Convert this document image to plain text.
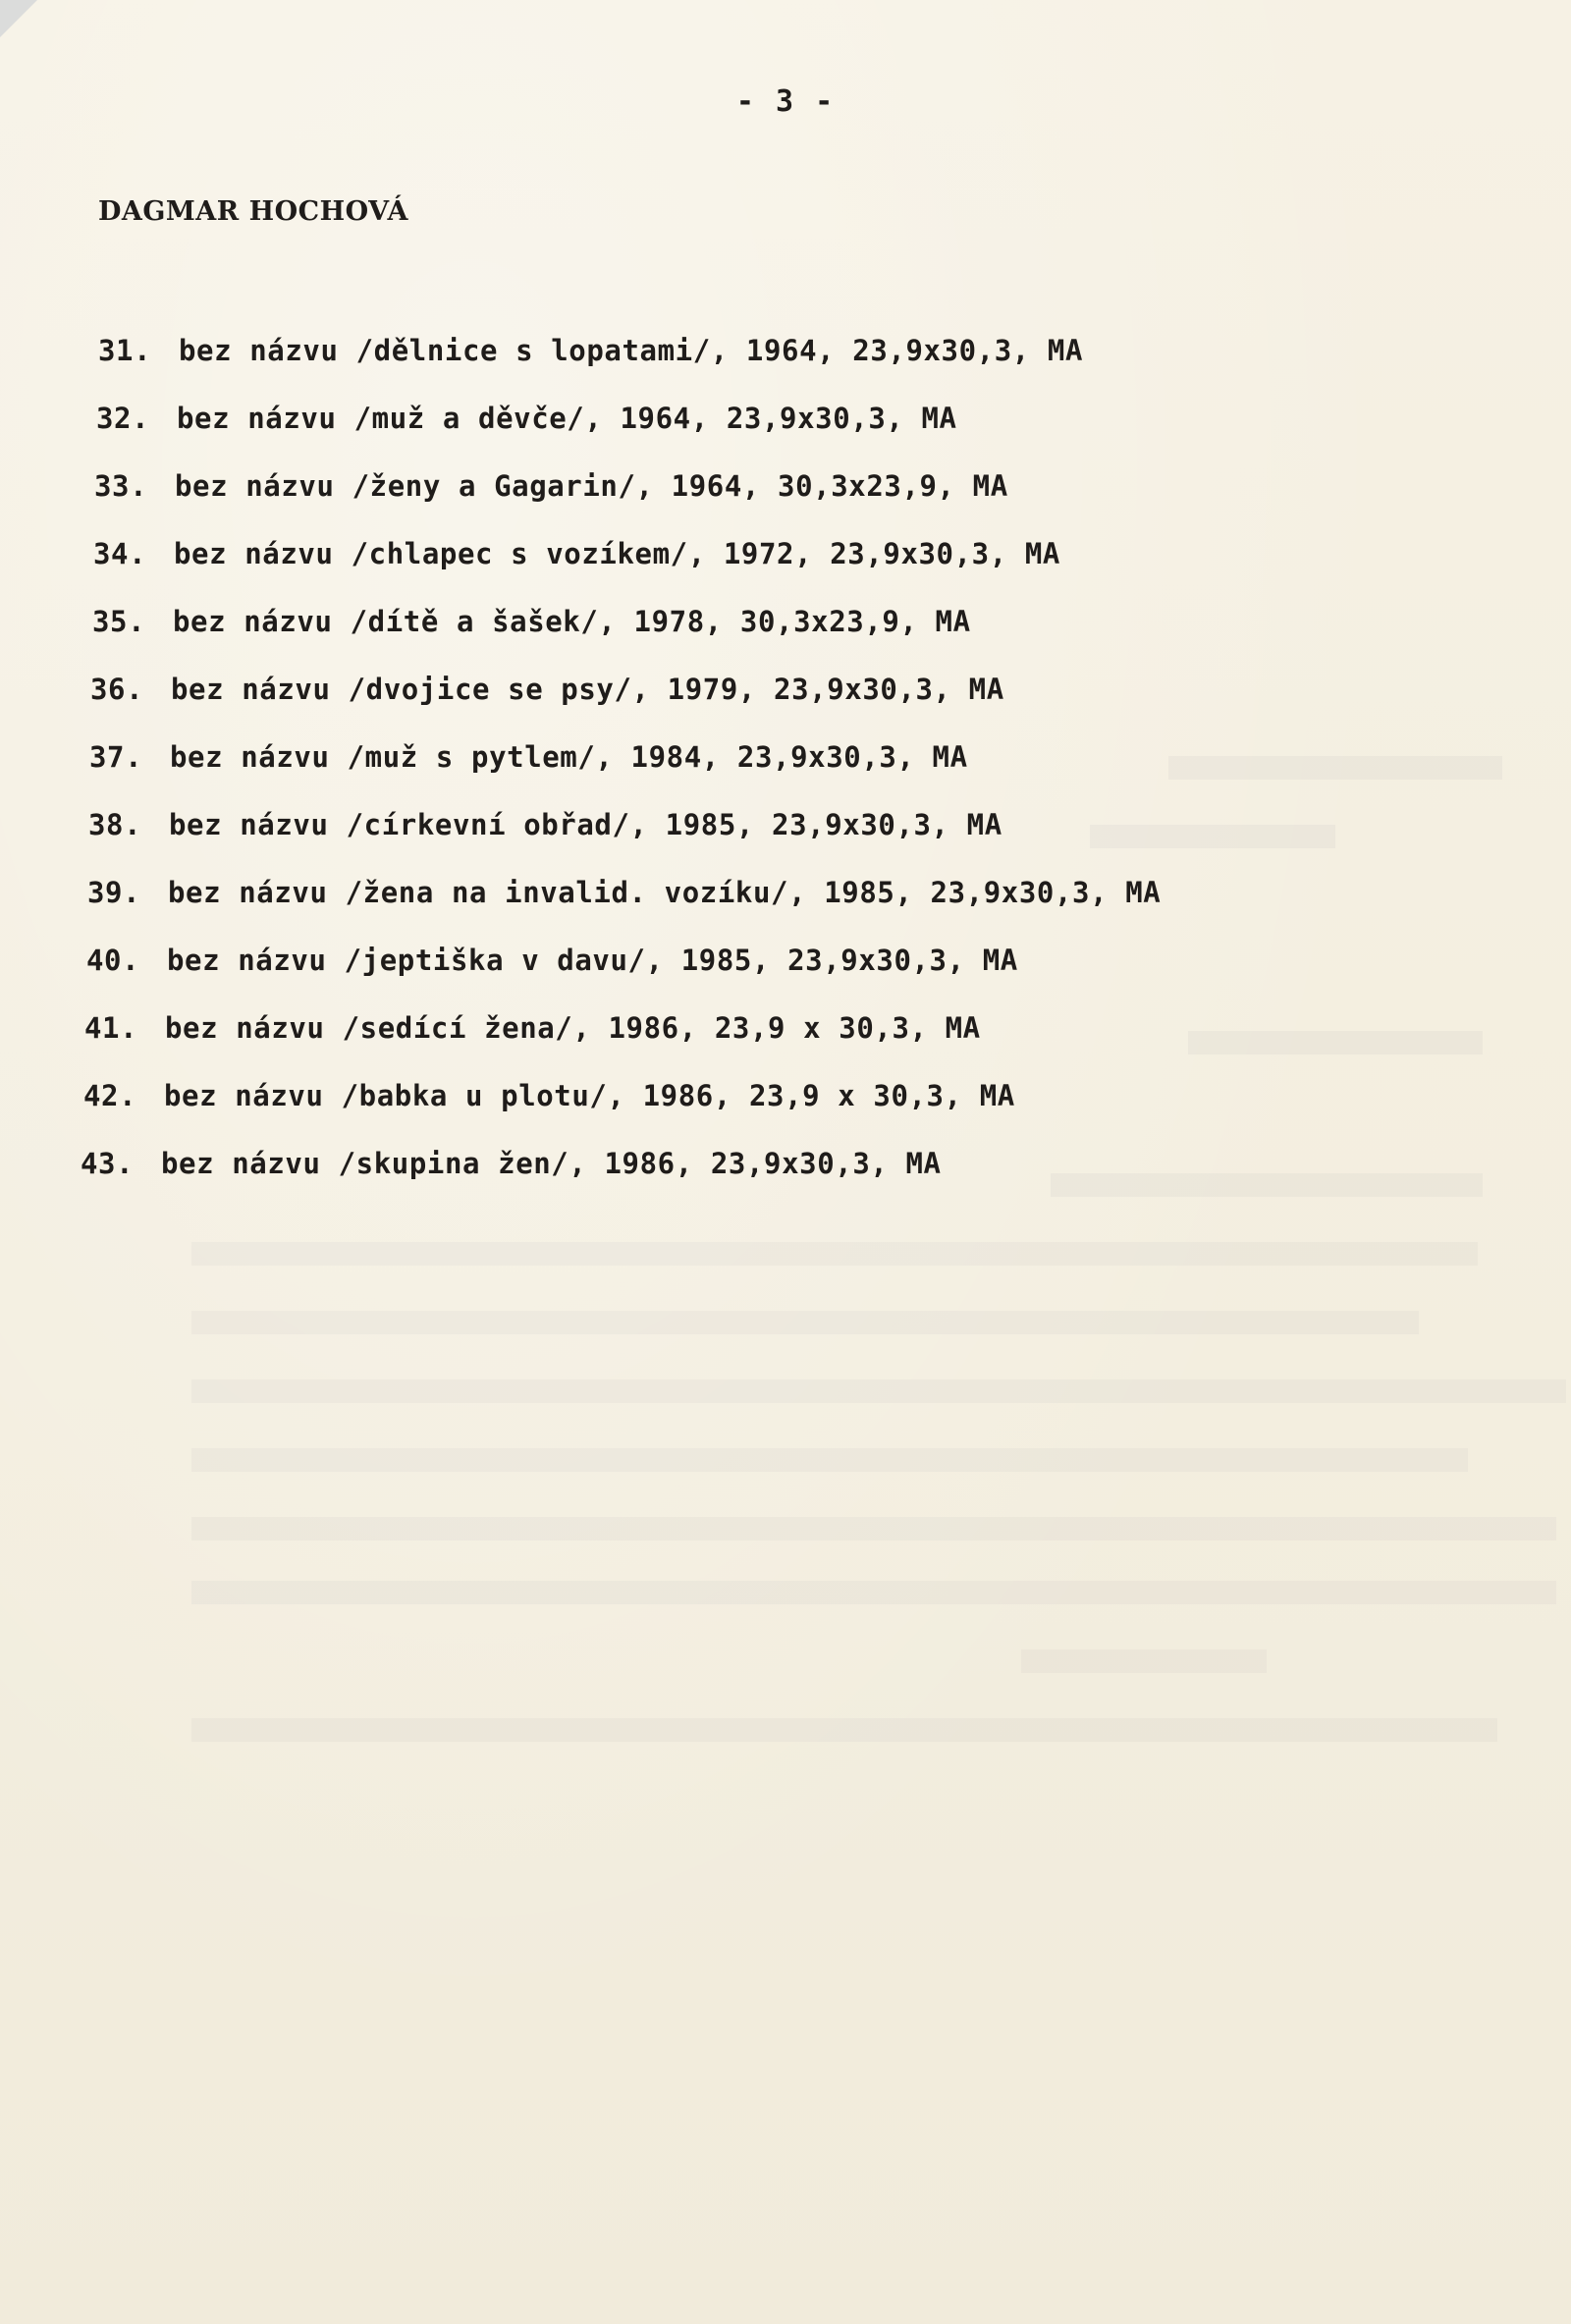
- 3 -
DAGMAR HOCHOVÁ
31. bez názvu /dělnice s lopatami/, 1964, 23,9x30,3, MA
32. bez názvu /muž a děvče/, 1964, 23,9x30,3, MA
33. bez názvu /ženy a Gagarin/, 1964, 30,3x23,9, MA
34. bez názvu /chlapec s vozíkem/, 1972, 23,9x30,3, MA
35. bez názvu /dítě a šašek/, 1978, 30,3x23,9, MA
36. bez názvu /dvojice se psy/, 1979, 23,9x30,3, MA
37. bez názvu /muž s pytlem/, 1984, 23,9x30,3, MA
38. bez názvu /církevní obřad/, 1985, 23,9x30,3, MA
39. bez názvu /žena na invalid. vozíku/, 1985, 23,9x30,3, MA
40. bez názvu /jeptiška v davu/, 1985, 23,9x30,3, MA
41. bez názvu /sedící žena/, 1986, 23,9 x 30,3, MA
42. bez názvu /babka u plotu/, 1986, 23,9 x 30,3, MA
43. bez názvu /skupina žen/, 1986, 23,9x30,3, MA
